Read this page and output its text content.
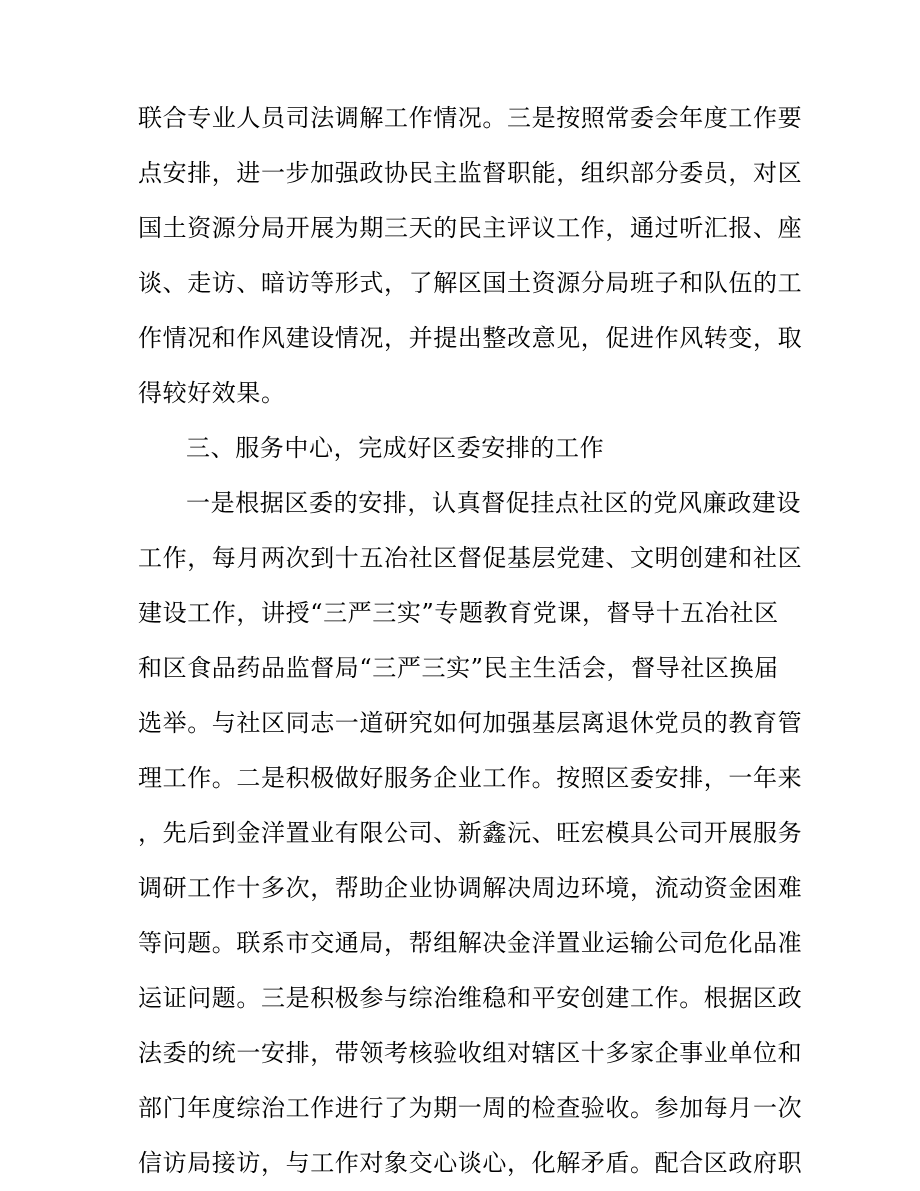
联合专业人员司法调解工作情况。三是按照常委会年度工作要
点安排，进一步加强政协民主监督职能，组织部分委员，对区
国土资源分局开展为期三天的民主评议工作，通过听汇报、座
谈、走访、暗访等形式，了解区国土资源分局班子和队伍的工
作情况和作风建设情况，并提出整改意见，促进作风转变，取
得较好效果。
三、服务中心，完成好区委安排的工作
一是根据区委的安排，认真督促挂点社区的党风廉政建设
工作，每月两次到十五冶社区督促基层党建、文明创建和社区
建设工作，讲授“三严三实”专题教育党课，督导十五冶社区
和区食品药品监督局“三严三实”民主生活会，督导社区换届
选举。与社区同志一道研究如何加强基层离退休党员的教育管
理工作。二是积极做好服务企业工作。按照区委安排，一年来
，先后到金洋置业有限公司、新鑫沅、旺宏模具公司开展服务
调研工作十多次，帮助企业协调解决周边环境，流动资金困难
等问题。联系市交通局，帮组解决金洋置业运输公司危化品准
运证问题。三是积极参与综治维稳和平安创建工作。根据区政
法委的统一安排，带领考核验收组对辖区十多家企事业单位和
部门年度综治工作进行了为期一周的检查验收。参加每月一次
信访局接访，与工作对象交心谈心，化解矛盾。配合区政府职
